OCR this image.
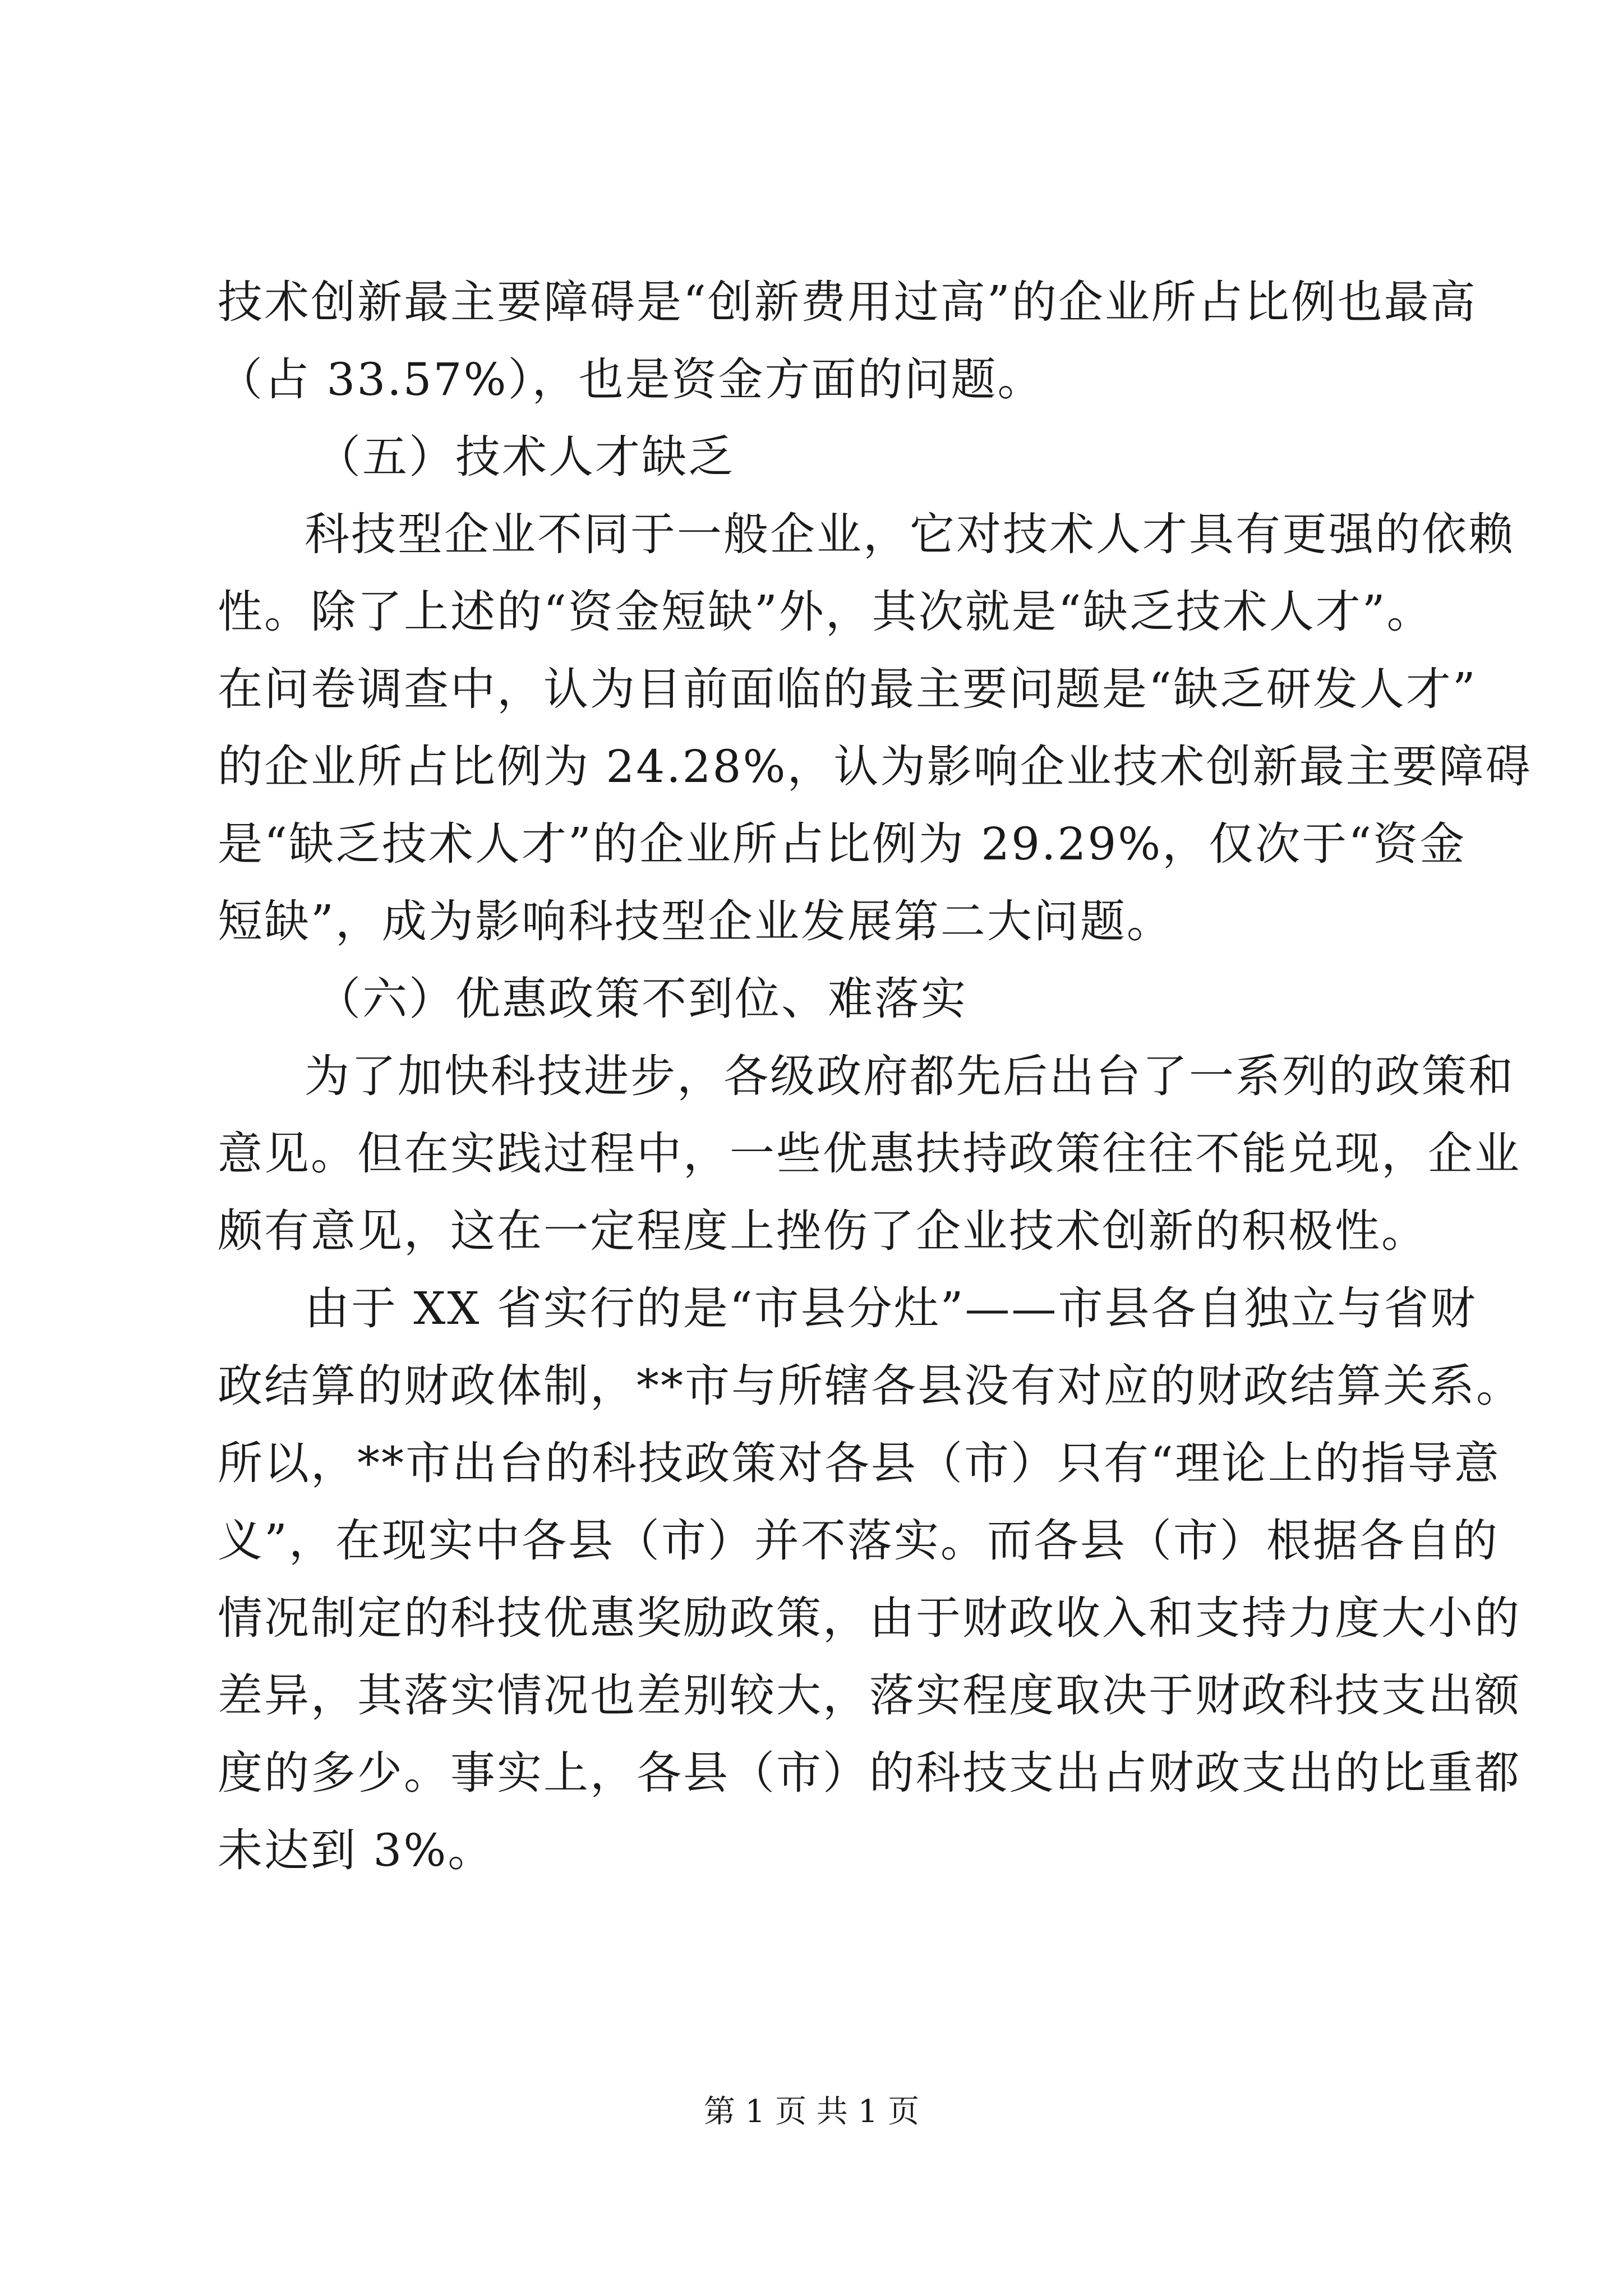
技术创新最主要障碍是“创新费用过高”的企业所占比例也最高
（占 33.57%），也是资金方面的问题。
（五）技术人才缺乏
科技型企业不同于一般企业，它对技术人才具有更强的依赖
性。除了上述的“资金短缺”外，其次就是“缺乏技术人才”。
在问卷调查中，认为目前面临的最主要问题是“缺乏研发人才”
的企业所占比例为 24.28%，认为影响企业技术创新最主要障碍
是“缺乏技术人才”的企业所占比例为 29.29%，仅次于“资金
短缺”，成为影响科技型企业发展第二大问题。
（六）优惠政策不到位、难落实
为了加快科技进步，各级政府都先后出台了一系列的政策和
意见。但在实践过程中，一些优惠扶持政策往往不能兑现，企业
颇有意见，这在一定程度上挫伤了企业技术创新的积极性。
由于 XX 省实行的是“市县分灶”——市县各自独立与省财
政结算的财政体制，**市与所辖各县没有对应的财政结算关系。
所以，**市出台的科技政策对各县（市）只有“理论上的指导意
义”，在现实中各县（市）并不落实。而各县（市）根据各自的
情况制定的科技优惠奖励政策，由于财政收入和支持力度大小的
差异，其落实情况也差别较大，落实程度取决于财政科技支出额
度的多少。事实上，各县（市）的科技支出占财政支出的比重都
未达到 3%。
第 1 页 共 1 页
